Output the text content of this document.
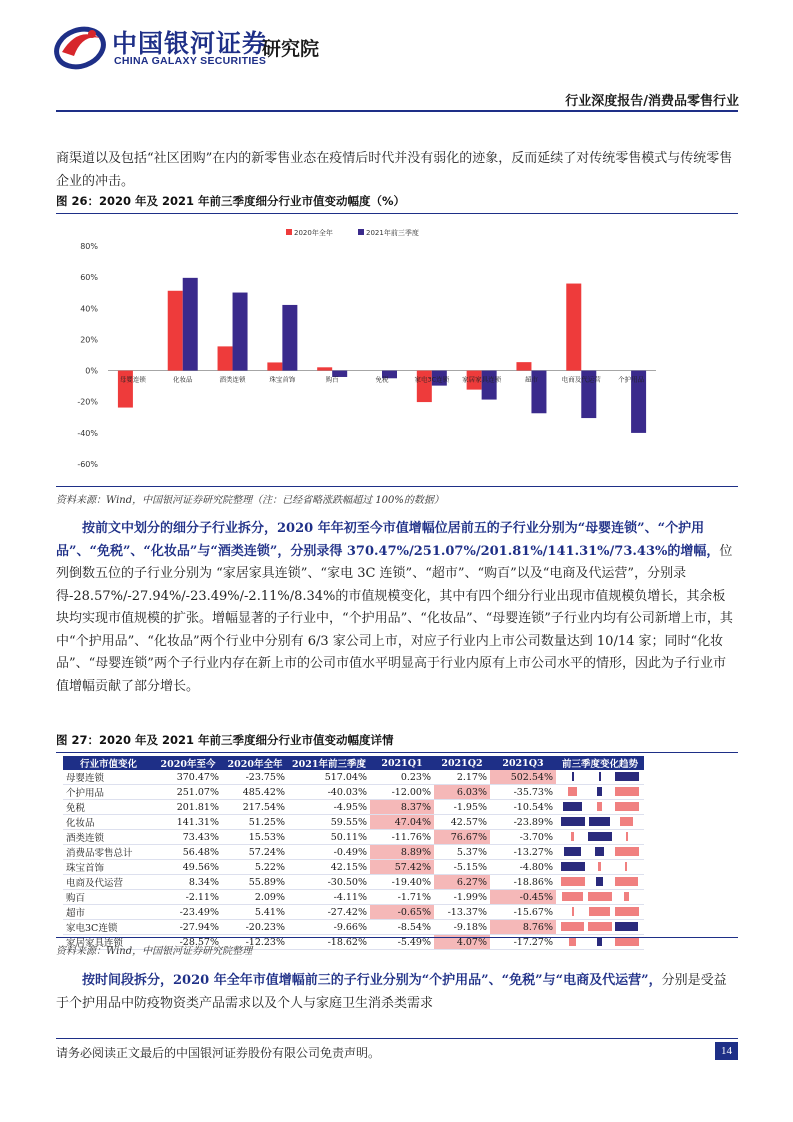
中国银河证券
CHINA GALAXY SECURITIES
研究院
行业深度报告/消费品零售行业
商渠道以及包括“社区团购”在内的新零售业态在疫情后时代并没有弱化的迹象，反而延续了对传统零售模式与传统零售企业的冲击。
图 26：2020 年及 2021 年前三季度细分行业市值变动幅度（%）
80%
60%
40%
20%
0%
-20%
-40%
-60%
母婴连锁	化妆品	酒类连锁	珠宝首饰	购百	免税	家电3C连锁 家居家具连锁	超市	电商及代运营	个护用品
2020年全年	2021年前三季度
资料来源：Wind，中国银河证券研究院整理（注：已经省略涨跌幅超过 100%的数据）
按前文中划分的细分子行业拆分，2020 年年初至今市值增幅位居前五的子行业分别为“母婴连锁”、“个护用品”、“免税”、“化妆品”与“酒类连锁”，分别录得 370.47%/251.07%/201.81%/141.31%/73.43%的增幅，位列倒数五位的子行业分别为 “家居家具连锁”、“家电 3C 连锁”、“超市”、“购百”以及“电商及代运营”，分别录得-28.57%/-27.94%/-23.49%/-2.11%/8.34%的市值规模变化，其中有四个细分行业出现市值规模负增长，其余板块均实现市值规模的扩张。增幅显著的子行业中，“个护用品”、“化妆品”、“母婴连锁”子行业内均有公司新增上市，其中“个护用品”、“化妆品”两个行业中分别有 6/3 家公司上市，对应子行业内上市公司数量达到 10/14 家；同时“化妆品”、“母婴连锁”两个子行业内存在新上市的公司市值水平明显高于行业内原有上市公司水平的情形，因此为子行业市值增幅贡献了部分增长。
图 27：2020 年及 2021 年前三季度细分行业市值变动幅度详情
行业市值变化	2020年至今	2020年全年	2021年前三季度	2021Q1	2021Q2	2021Q3	前三季度变化趋势
母婴连锁	370.47%	-23.75%	517.04%	0.23%	2.17%	502.54%	

个护用品	251.07%	485.42%	-40.03%	-12.00%	6.03%	-35.73%	

免税	201.81%	217.54%	-4.95%	8.37%	-1.95%	-10.54%	

化妆品	141.31%	51.25%	59.55%	47.04%	42.57%	-23.89%	

酒类连锁	73.43%	15.53%	50.11%	-11.76%	76.67%	-3.70%	

消费品零售总计	56.48%	57.24%	-0.49%	8.89%	5.37%	-13.27%	

珠宝首饰	49.56%	5.22%	42.15%	57.42%	-5.15%	-4.80%	

电商及代运营	8.34%	55.89%	-30.50%	-19.40%	6.27%	-18.86%	

购百	-2.11%	2.09%	-4.11%	-1.71%	-1.99%	-0.45%	

超市	-23.49%	5.41%	-27.42%	-0.65%	-13.37%	-15.67%	

家电3C连锁	-27.94%	-20.23%	-9.66%	-8.54%	-9.18%	8.76%	

家居家具连锁	-28.57%	-12.23%	-18.62%	-5.49%	4.07%	-17.27%	
资料来源：Wind，中国银河证券研究院整理
按时间段拆分，2020 年全年市值增幅前三的子行业分别为“个护用品”、“免税”与“电商及代运营”，分别是受益于个护用品中防疫物资类产品需求以及个人与家庭卫生消杀类需求
请务必阅读正文最后的中国银河证券股份有限公司免责声明。	14
